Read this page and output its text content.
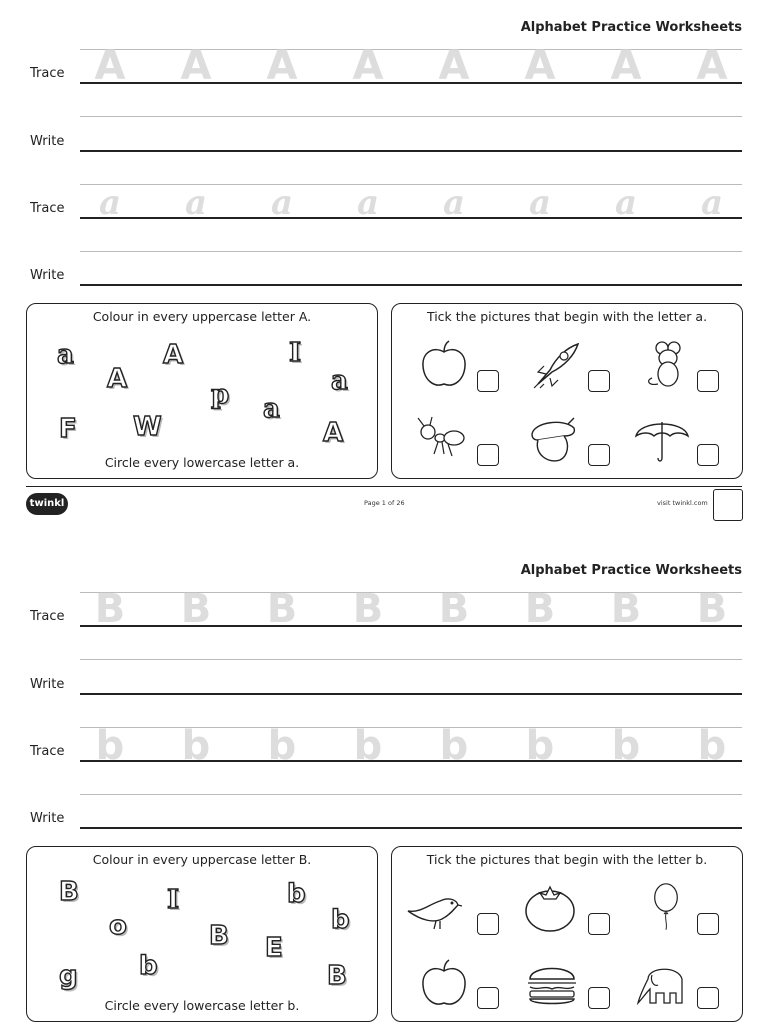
Alphabet Practice Worksheets
A	A	A	A	A	A	A	A
Trace
Write
a	a	a	a	a	a	a	a
Trace
Write
Colour in every uppercase letter A.
a	A	I
A	a
p a
F W	A
Circle every lowercase letter a.
Tick the pictures that begin with the letter a.
twinkl	Page 1 of 26	visit twinkl.com
Alphabet Practice Worksheets
B	B	B	B	B	B	B	B
Trace
Write
b	b	b	b	b	b	b	b
Trace
Write
Colour in every uppercase letter B.
B	I	b
o	b
B E
b
g	B
Circle every lowercase letter b.
Tick the pictures that begin with the letter b.
